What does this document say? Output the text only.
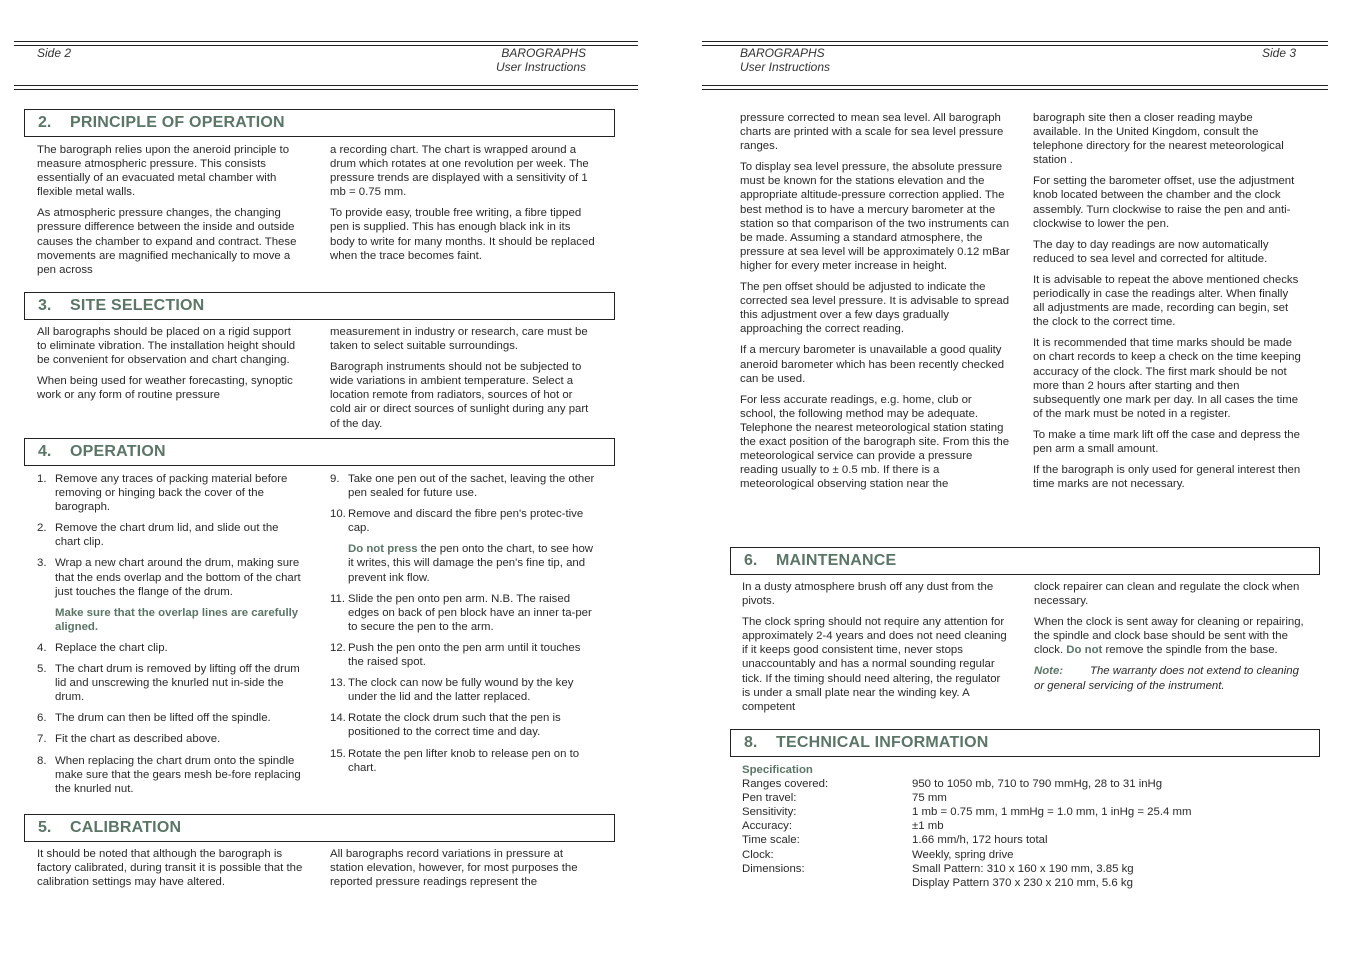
Side 2	BAROGRAPHS
User Instructions
2.	PRINCIPLE OF OPERATION

The barograph relies upon the aneroid principle to measure atmospheric pressure. This consists essentially of an evacuated metal chamber with flexible metal walls.

As atmospheric pressure changes, the changing pressure difference between the inside and outside causes the chamber to expand and contract. These movements are magnified mechanically to move a pen across

a recording chart. The chart is wrapped around a drum which rotates at one revolution per week. The pressure trends are displayed with a sensitivity of 1 mb = 0.75 mm.

To provide easy, trouble free writing, a fibre tipped pen is supplied. This has enough black ink in its body to write for many months. It should be replaced when the trace becomes faint.

3.	SITE SELECTION

All barographs should be placed on a rigid support to eliminate vibration. The installation height should be convenient for observation and chart changing.

When being used for weather forecasting, synoptic work or any form of routine pressure

measurement in industry or research, care must be taken to select suitable surroundings.

Barograph instruments should not be subjected to wide variations in ambient temperature. Select a location remote from radiators, sources of hot or cold air or direct sources of sunlight during any part of the day.

4.	OPERATION
1. Remove any traces of packing material before removing or hinging back the cover of the barograph.
2. Remove the chart drum lid, and slide out the chart clip.
3. Wrap a new chart around the drum, making sure that the ends overlap and the bottom of the chart just touches the flange of the drum.
Make sure that the overlap lines are carefully aligned.
4. Replace the chart clip.
5. The chart drum is removed by lifting off the drum lid and unscrewing the knurled nut in-side the drum.
6. The drum can then be lifted off the spindle.
7. Fit the chart as described above.
8. When replacing the chart drum onto the spindle make sure that the gears mesh be-fore replacing the knurled nut.
9. Take one pen out of the sachet, leaving the other pen sealed for future use.
10. Remove and discard the fibre pen's protec-tive cap.

Do not press the pen onto the chart, to see how it writes, this will damage the pen's fine tip, and prevent ink flow.

11. Slide the pen onto pen arm. N.B. The raised edges on back of pen block have an inner ta-per to secure the pen to the arm.
12. Push the pen onto the pen arm until it touches the raised spot.
13. The clock can now be fully wound by the key under the lid and the latter replaced.
14. Rotate the clock drum such that the pen is positioned to the correct time and day.
15. Rotate the pen lifter knob to release pen on to chart.
5.	CALIBRATION

It should be noted that although the barograph is factory calibrated, during transit it is possible that the calibration settings may have altered.

All barographs record variations in pressure at station elevation, however, for most purposes the reported pressure readings represent the

BAROGRAPHS
User Instructions
Side 3

pressure corrected to mean sea level. All barograph charts are printed with a scale for sea level pressure ranges.

To display sea level pressure, the absolute pressure must be known for the stations elevation and the appropriate altitude-pressure correction applied. The best method is to have a mercury barometer at the station so that comparison of the two instruments can be made. Assuming a standard atmosphere, the pressure at sea level will be approximately 0.12 mBar higher for every meter increase in height.

The pen offset should be adjusted to indicate the corrected sea level pressure. It is advisable to spread this adjustment over a few days gradually approaching the correct reading.

If a mercury barometer is unavailable a good quality aneroid barometer which has been recently checked can be used.

For less accurate readings, e.g. home, club or school, the following method may be adequate. Telephone the nearest meteorological station stating the exact position of the barograph site. From this the meteorological service can provide a pressure reading usually to ± 0.5 mb. If there is a meteorological observing station near the

barograph site then a closer reading maybe available. In the United Kingdom, consult the telephone directory for the nearest meteorological station .

For setting the barometer offset, use the adjustment knob located between the chamber and the clock assembly. Turn clockwise to raise the pen and anti-clockwise to lower the pen.

The day to day readings are now automatically reduced to sea level and corrected for altitude.

It is advisable to repeat the above mentioned checks periodically in case the readings alter. When finally all adjustments are made, recording can begin, set the clock to the correct time.

It is recommended that time marks should be made on chart records to keep a check on the time keeping accuracy of the clock. The first mark should be not more than 2 hours after starting and then subsequently one mark per day. In all cases the time of the mark must be noted in a register.

To make a time mark lift off the case and depress the pen arm a small amount.

If the barograph is only used for general interest then time marks are not necessary.

6.	MAINTENANCE

In a dusty atmosphere brush off any dust from the pivots.

The clock spring should not require any attention for approximately 2-4 years and does not need cleaning if it keeps good consistent time, never stops unaccountably and has a normal sounding regular tick. If the timing should need altering, the regulator is under a small plate near the winding key. A competent

clock repairer can clean and regulate the clock when necessary.

When the clock is sent away for cleaning or repairing, the spindle and clock base should be sent with the clock. Do not remove the spindle from the base.

Note: The warranty does not extend to cleaning or general servicing of the instrument.

8.	TECHNICAL INFORMATION
Specification
Ranges covered:	950 to 1050 mb, 710 to 790 mmHg, 28 to 31 inHg
Pen travel:	75 mm
Sensitivity:	1 mb = 0.75 mm, 1 mmHg = 1.0 mm, 1 inHg = 25.4 mm
Accuracy:	±1 mb
Time scale:	1.66 mm/h, 172 hours total
Clock:	Weekly, spring drive
Dimensions:	Small Pattern: 310 x 160 x 190 mm, 3.85 kg
Display Pattern 370 x 230 x 210 mm, 5.6 kg
